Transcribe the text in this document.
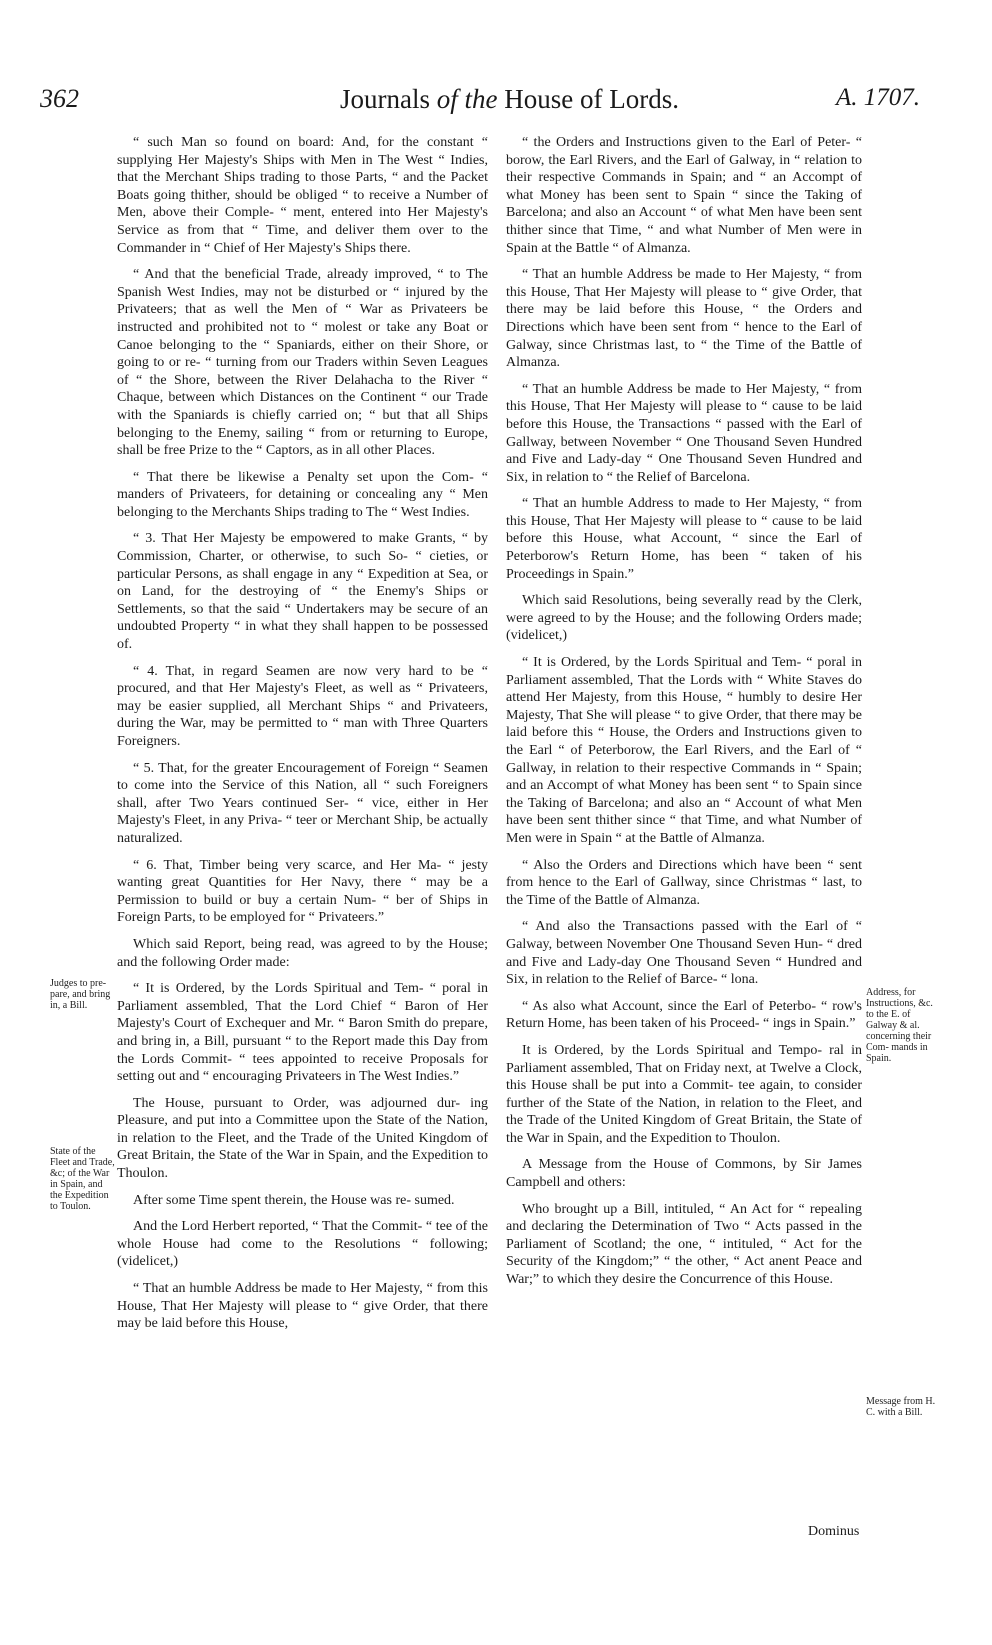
362	Journals of the House of Lords.	A. 1707.

“ such Man so found on board: And, for the constant “ supplying Her Majesty's Ships with Men in The West “ Indies, that the Merchant Ships trading to those Parts, “ and the Packet Boats going thither, should be obliged “ to receive a Number of Men, above their Comple- “ ment, entered into Her Majesty's Service as from that “ Time, and deliver them over to the Commander in “ Chief of Her Majesty's Ships there.

“ And that the beneficial Trade, already improved, “ to The Spanish West Indies, may not be disturbed or “ injured by the Privateers; that as well the Men of “ War as Privateers be instructed and prohibited not to “ molest or take any Boat or Canoe belonging to the “ Spaniards, either on their Shore, or going to or re- “ turning from our Traders within Seven Leagues of “ the Shore, between the River Delahacha to the River “ Chaque, between which Distances on the Continent “ our Trade with the Spaniards is chiefly carried on; “ but that all Ships belonging to the Enemy, sailing “ from or returning to Europe, shall be free Prize to the “ Captors, as in all other Places.

“ That there be likewise a Penalty set upon the Com- “ manders of Privateers, for detaining or concealing any “ Men belonging to the Merchants Ships trading to The “ West Indies.

“ 3. That Her Majesty be empowered to make Grants, “ by Commission, Charter, or otherwise, to such So- “ cieties, or particular Persons, as shall engage in any “ Expedition at Sea, or on Land, for the destroying of “ the Enemy's Ships or Settlements, so that the said “ Undertakers may be secure of an undoubted Property “ in what they shall happen to be possessed of.

“ 4. That, in regard Seamen are now very hard to be “ procured, and that Her Majesty's Fleet, as well as “ Privateers, may be easier supplied, all Merchant Ships “ and Privateers, during the War, may be permitted to “ man with Three Quarters Foreigners.

“ 5. That, for the greater Encouragement of Foreign “ Seamen to come into the Service of this Nation, all “ such Foreigners shall, after Two Years continued Ser- “ vice, either in Her Majesty's Fleet, in any Priva- “ teer or Merchant Ship, be actually naturalized.

“ 6. That, Timber being very scarce, and Her Ma- “ jesty wanting great Quantities for Her Navy, there “ may be a Permission to build or buy a certain Num- “ ber of Ships in Foreign Parts, to be employed for “ Privateers.”

Which said Report, being read, was agreed to by the House; and the following Order made:

“ It is Ordered, by the Lords Spiritual and Tem- “ poral in Parliament assembled, That the Lord Chief “ Baron of Her Majesty's Court of Exchequer and Mr. “ Baron Smith do prepare, and bring in, a Bill, pursuant “ to the Report made this Day from the Lords Commit- “ tees appointed to receive Proposals for setting out and “ encouraging Privateers in The West Indies.”

The House, pursuant to Order, was adjourned dur- ing Pleasure, and put into a Committee upon the State of the Nation, in relation to the Fleet, and the Trade of the United Kingdom of Great Britain, the State of the War in Spain, and the Expedition to Thoulon.

After some Time spent therein, the House was re- sumed.

And the Lord Herbert reported, “ That the Commit- “ tee of the whole House had come to the Resolutions “ following; (videlicet,)

“ That an humble Address be made to Her Majesty, “ from this House, That Her Majesty will please to “ give Order, that there may be laid before this House,

“ the Orders and Instructions given to the Earl of Peter- “ borow, the Earl Rivers, and the Earl of Galway, in “ relation to their respective Commands in Spain; and “ an Accompt of what Money has been sent to Spain “ since the Taking of Barcelona; and also an Account “ of what Men have been sent thither since that Time, “ and what Number of Men were in Spain at the Battle “ of Almanza.

“ That an humble Address be made to Her Majesty, “ from this House, That Her Majesty will please to “ give Order, that there may be laid before this House, “ the Orders and Directions which have been sent from “ hence to the Earl of Galway, since Christmas last, to “ the Time of the Battle of Almanza.

“ That an humble Address be made to Her Majesty, “ from this House, That Her Majesty will please to “ cause to be laid before this House, the Transactions “ passed with the Earl of Gallway, between November “ One Thousand Seven Hundred and Five and Lady-day “ One Thousand Seven Hundred and Six, in relation to “ the Relief of Barcelona.

“ That an humble Address to made to Her Majesty, “ from this House, That Her Majesty will please to “ cause to be laid before this House, what Account, “ since the Earl of Peterborow's Return Home, has been “ taken of his Proceedings in Spain.”

Which said Resolutions, being severally read by the Clerk, were agreed to by the House; and the following Orders made; (videlicet,)

“ It is Ordered, by the Lords Spiritual and Tem- “ poral in Parliament assembled, That the Lords with “ White Staves do attend Her Majesty, from this House, “ humbly to desire Her Majesty, That She will please “ to give Order, that there may be laid before this “ House, the Orders and Instructions given to the Earl “ of Peterborow, the Earl Rivers, and the Earl of “ Gallway, in relation to their respective Commands in “ Spain; and an Accompt of what Money has been sent “ to Spain since the Taking of Barcelona; and also an “ Account of what Men have been sent thither since “ that Time, and what Number of Men were in Spain “ at the Battle of Almanza.

“ Also the Orders and Directions which have been “ sent from hence to the Earl of Gallway, since Christmas “ last, to the Time of the Battle of Almanza.

“ And also the Transactions passed with the Earl of “ Galway, between November One Thousand Seven Hun- “ dred and Five and Lady-day One Thousand Seven “ Hundred and Six, in relation to the Relief of Barce- “ lona.

“ As also what Account, since the Earl of Peterbo- “ row's Return Home, has been taken of his Proceed- “ ings in Spain.”

It is Ordered, by the Lords Spiritual and Tempo- ral in Parliament assembled, That on Friday next, at Twelve a Clock, this House shall be put into a Commit- tee again, to consider further of the State of the Nation, in relation to the Fleet, and the Trade of the United Kingdom of Great Britain, the State of the War in Spain, and the Expedition to Thoulon.

A Message from the House of Commons, by Sir James Campbell and others:

Who brought up a Bill, intituled, “ An Act for “ repealing and declaring the Determination of Two “ Acts passed in the Parliament of Scotland; the one, “ intituled, “ Act for the Security of the Kingdom;” “ the other, “ Act anent Peace and War;” to which they desire the Concurrence of this House.

Judges to pre- pare, and bring in, a Bill.
State of the Fleet and Trade, &c; of the War in Spain, and the Expedition to Toulon.
Address, for Instructions, &c. to the E. of Galway & al. concerning their Com- mands in Spain.
Message from H. C. with a Bill.
Dominus
